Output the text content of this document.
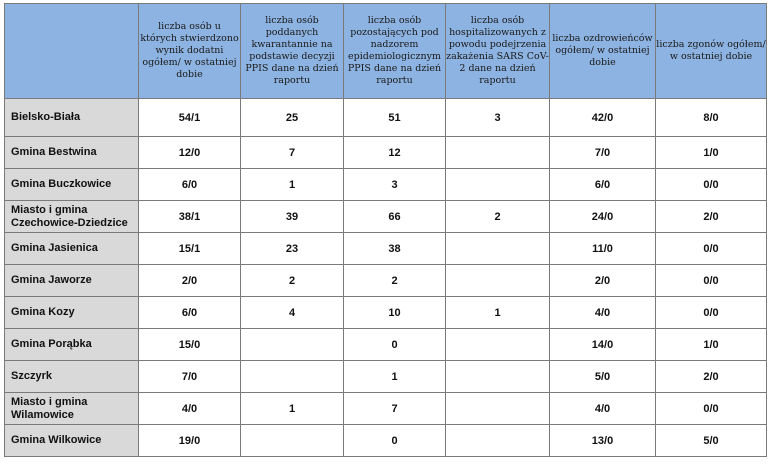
	liczba osób u których stwierdzono wynik dodatni ogółem/ w ostatniej dobie	liczba osób poddanych kwarantannie na podstawie decyzji PPIS dane na dzień raportu	liczba osób pozostających pod nadzorem epidemiologicznym PPIS dane na dzień raportu	liczba osób hospitalizowanych z powodu podejrzenia zakażenia SARS CoV-2 dane na dzień raportu	liczba ozdrowieńców ogółem/ w ostatniej dobie	liczba zgonów ogółem/ w ostatniej dobie
Bielsko-Biała	54/1	25	51	3	42/0	8/0
Gmina Bestwina	12/0	7	12		7/0	1/0
Gmina Buczkowice	6/0	1	3		6/0	0/0
Miasto i gmina Czechowice-Dziedzice	38/1	39	66	2	24/0	2/0
Gmina Jasienica	15/1	23	38		11/0	0/0
Gmina Jaworze	2/0	2	2		2/0	0/0
Gmina Kozy	6/0	4	10	1	4/0	0/0
Gmina Porąbka	15/0		0		14/0	1/0
Szczyrk	7/0		1		5/0	2/0
Miasto i gmina Wilamowice	4/0	1	7		4/0	0/0
Gmina Wilkowice	19/0		0		13/0	5/0
